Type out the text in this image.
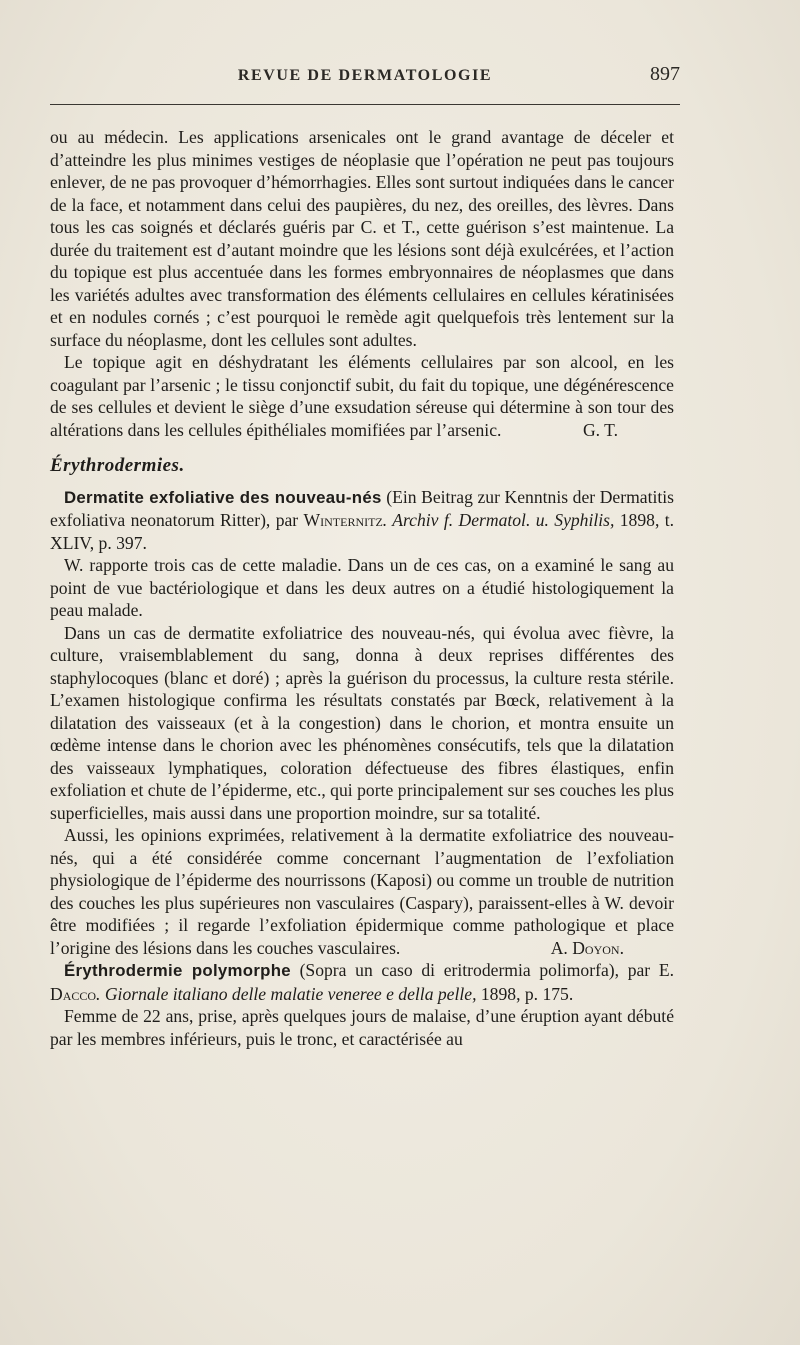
REVUE DE DERMATOLOGIE	897

ou au médecin. Les applications arsenicales ont le grand avantage de déceler et d’atteindre les plus minimes vestiges de néoplasie que l’opération ne peut pas toujours enlever, de ne pas provoquer d’hémorrhagies. Elles sont surtout indiquées dans le cancer de la face, et notamment dans celui des paupières, du nez, des oreilles, des lèvres. Dans tous les cas soignés et déclarés guéris par C. et T., cette guérison s’est maintenue. La durée du traitement est d’autant moindre que les lésions sont déjà exulcérées, et l’action du topique est plus accentuée dans les formes embryonnaires de néoplasmes que dans les variétés adultes avec transformation des éléments cellulaires en cellules kératinisées et en nodules cornés ; c’est pourquoi le remède agit quelquefois très lentement sur la surface du néoplasme, dont les cellules sont adultes.

Le topique agit en déshydratant les éléments cellulaires par son alcool, en les coagulant par l’arsenic ; le tissu conjonctif subit, du fait du topique, une dégénérescence de ses cellules et devient le siège d’une exsudation séreuse qui détermine à son tour des altérations dans les cellules épithéliales momifiées par l’arsenic.	G. T.

Érythrodermies.

Dermatite exfoliative des nouveau-nés (Ein Beitrag zur Kenntnis der Dermatitis exfoliativa neonatorum Ritter), par Winternitz. Archiv f. Dermatol. u. Syphilis, 1898, t. XLIV, p. 397.

W. rapporte trois cas de cette maladie. Dans un de ces cas, on a examiné le sang au point de vue bactériologique et dans les deux autres on a étudié histologiquement la peau malade.

Dans un cas de dermatite exfoliatrice des nouveau-nés, qui évolua avec fièvre, la culture, vraisemblablement du sang, donna à deux reprises différentes des staphylocoques (blanc et doré) ; après la guérison du processus, la culture resta stérile. L’examen histologique confirma les résultats constatés par Bœck, relativement à la dilatation des vaisseaux (et à la congestion) dans le chorion, et montra ensuite un œdème intense dans le chorion avec les phénomènes consécutifs, tels que la dilatation des vaisseaux lymphatiques, coloration défectueuse des fibres élastiques, enfin exfoliation et chute de l’épiderme, etc., qui porte principalement sur ses couches les plus superficielles, mais aussi dans une proportion moindre, sur sa totalité.

Aussi, les opinions exprimées, relativement à la dermatite exfoliatrice des nouveau-nés, qui a été considérée comme concernant l’augmentation de l’exfoliation physiologique de l’épiderme des nourrissons (Kaposi) ou comme un trouble de nutrition des couches les plus supérieures non vasculaires (Caspary), paraissent-elles à W. devoir être modifiées ; il regarde l’exfoliation épidermique comme pathologique et place l’origine des lésions dans les couches vasculaires.	A. Doyon.

Érythrodermie polymorphe (Sopra un caso di eritrodermia polimorfa), par E. Dacco. Giornale italiano delle malatie veneree e della pelle, 1898, p. 175.

Femme de 22 ans, prise, après quelques jours de malaise, d’une éruption ayant débuté par les membres inférieurs, puis le tronc, et caractérisée au
